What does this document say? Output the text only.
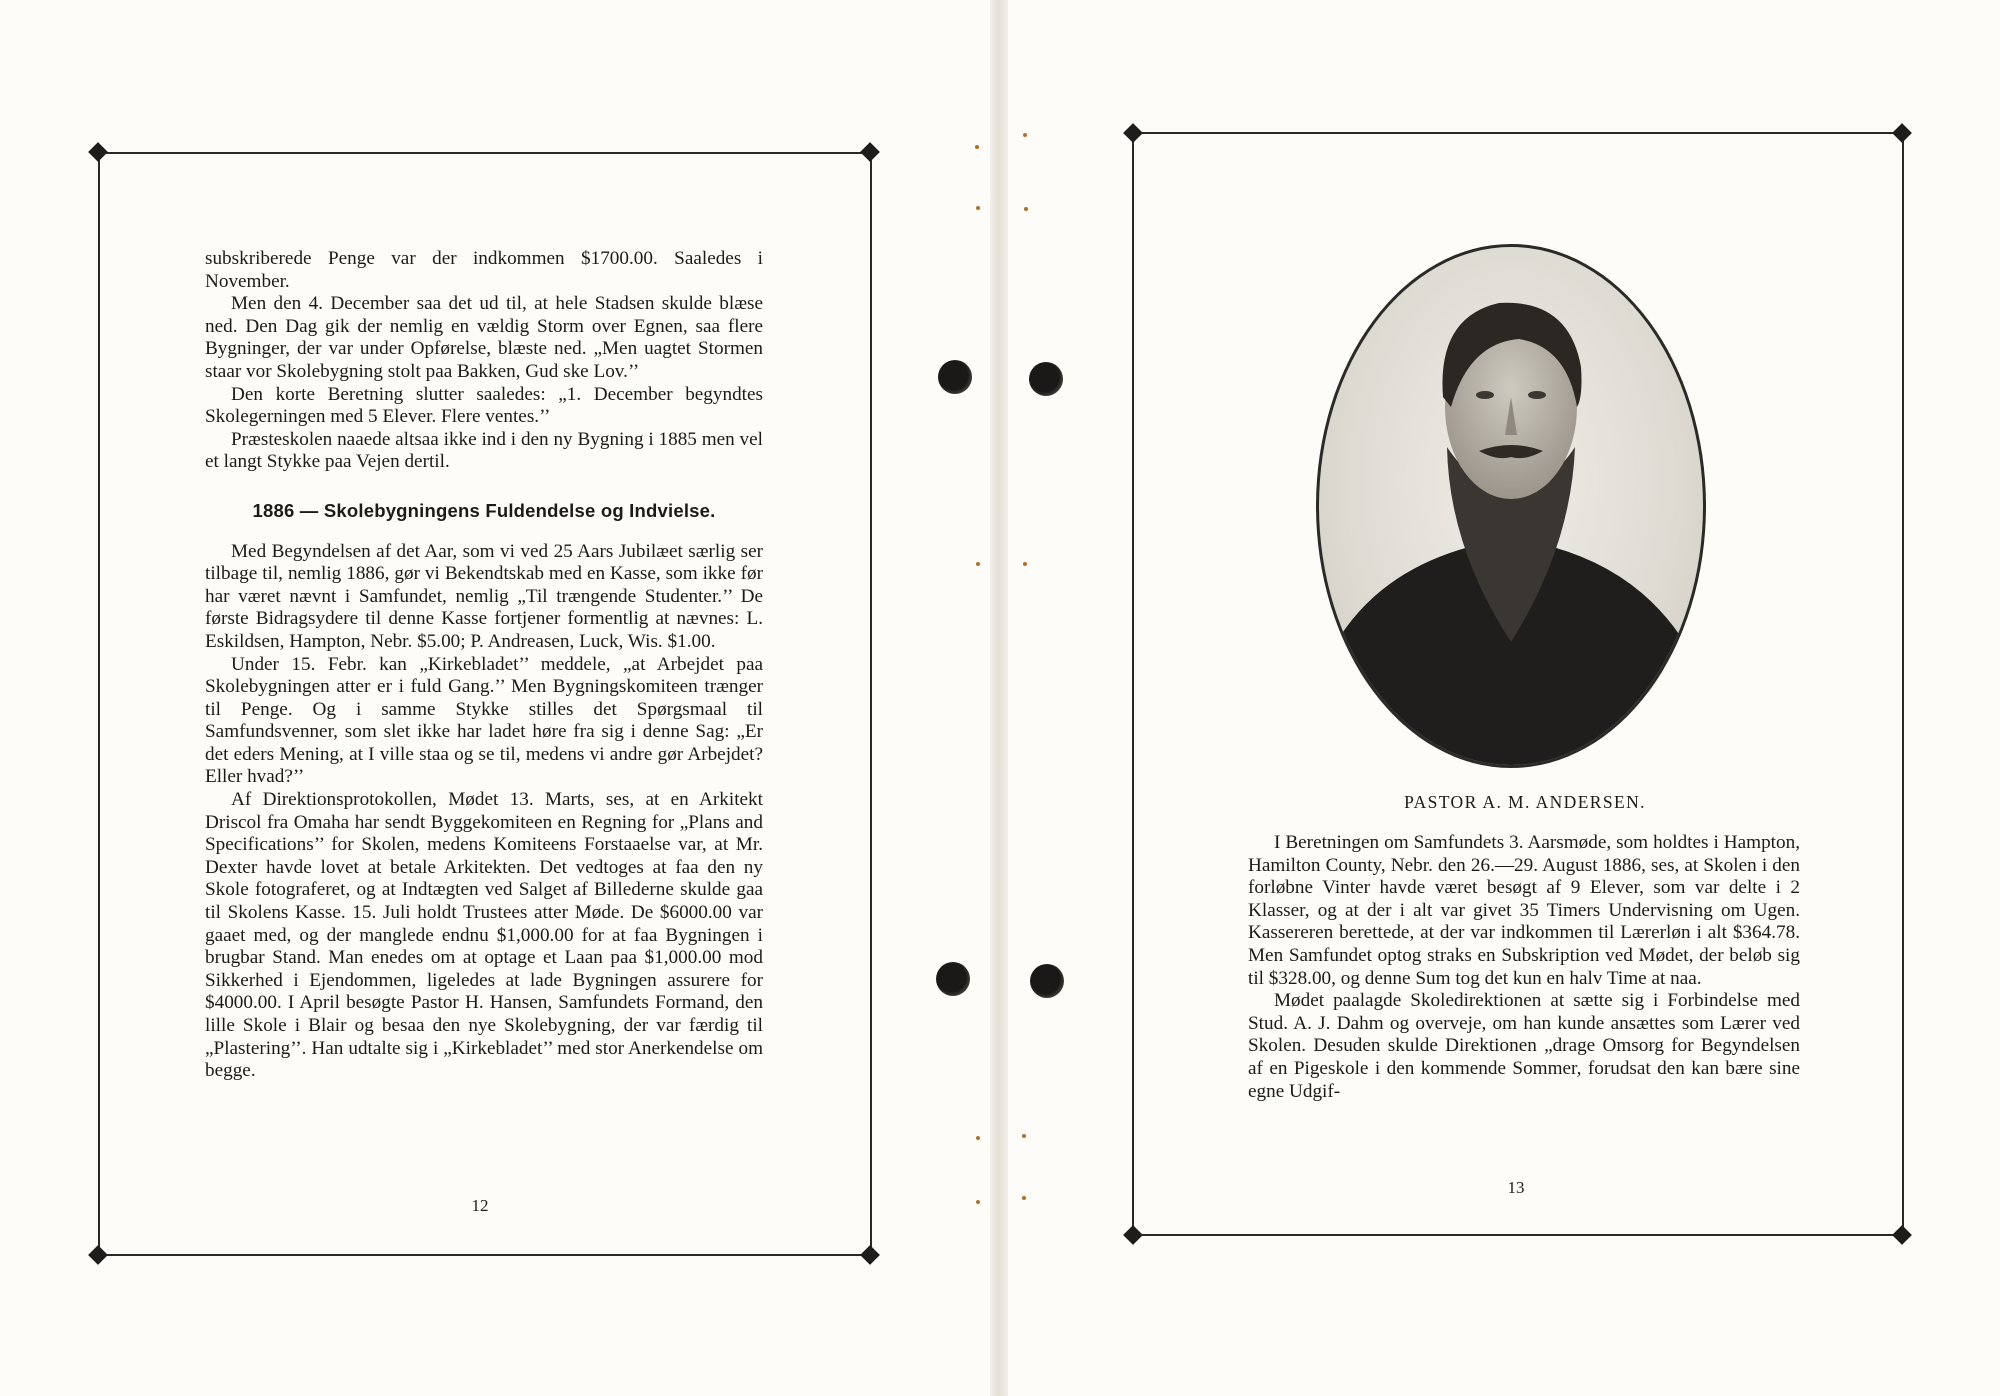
subskriberede Penge var der indkommen $1700.00. Saaledes i November.

Men den 4. December saa det ud til, at hele Stadsen skulde blæse ned. Den Dag gik der nemlig en vældig Storm over Egnen, saa flere Bygninger, der var under Opførelse, blæste ned. „Men uagtet Stormen staar vor Skolebygning stolt paa Bakken, Gud ske Lov.’’

Den korte Beretning slutter saaledes: „1. December begyndtes Skolegerningen med 5 Elever. Flere ventes.’’

Præsteskolen naaede altsaa ikke ind i den ny Bygning i 1885 men vel et langt Stykke paa Vejen dertil.

1886 — Skolebygningens Fuldendelse og Indvielse.

Med Begyndelsen af det Aar, som vi ved 25 Aars Jubilæet særlig ser tilbage til, nemlig 1886, gør vi Bekendtskab med en Kasse, som ikke før har været nævnt i Samfundet, nemlig „Til trængende Studenter.’’ De første Bidragsydere til denne Kasse fortjener formentlig at nævnes: L. Eskildsen, Hampton, Nebr. $5.00; P. Andreasen, Luck, Wis. $1.00.

Under 15. Febr. kan „Kirkebladet’’ meddele, „at Arbejdet paa Skolebygningen atter er i fuld Gang.’’ Men Bygningskomiteen trænger til Penge. Og i samme Stykke stilles det Spørgsmaal til Samfundsvenner, som slet ikke har ladet høre fra sig i denne Sag: „Er det eders Mening, at I ville staa og se til, medens vi andre gør Arbejdet? Eller hvad?’’

Af Direktionsprotokollen, Mødet 13. Marts, ses, at en Arkitekt Driscol fra Omaha har sendt Byggekomiteen en Regning for „Plans and Specifications’’ for Skolen, medens Komiteens Forstaaelse var, at Mr. Dexter havde lovet at betale Arkitekten. Det vedtoges at faa den ny Skole fotograferet, og at Indtægten ved Salget af Billederne skulde gaa til Skolens Kasse. 15. Juli holdt Trustees atter Møde. De $6000.00 var gaaet med, og der manglede endnu $1,000.00 for at faa Bygningen i brugbar Stand. Man enedes om at optage et Laan paa $1,000.00 mod Sikkerhed i Ejendommen, ligeledes at lade Bygningen assurere for $4000.00. I April besøgte Pastor H. Hansen, Samfundets Formand, den lille Skole i Blair og besaa den nye Skolebygning, der var færdig til „Plastering’’. Han udtalte sig i „Kirkebladet’’ med stor Anerkendelse om begge.

12
PASTOR A. M. ANDERSEN.

I Beretningen om Samfundets 3. Aarsmøde, som holdtes i Hampton, Hamilton County, Nebr. den 26.—29. August 1886, ses, at Skolen i den forløbne Vinter havde været besøgt af 9 Elever, som var delte i 2 Klasser, og at der i alt var givet 35 Timers Undervisning om Ugen. Kassereren berettede, at der var indkommen til Lærerløn i alt $364.78. Men Samfundet optog straks en Subskription ved Mødet, der beløb sig til $328.00, og denne Sum tog det kun en halv Time at naa.

Mødet paalagde Skoledirektionen at sætte sig i Forbindelse med Stud. A. J. Dahm og overveje, om han kunde ansættes som Lærer ved Skolen. Desuden skulde Direktionen „drage Omsorg for Begyndelsen af en Pigeskole i den kommende Sommer, forudsat den kan bære sine egne Udgif-

13
